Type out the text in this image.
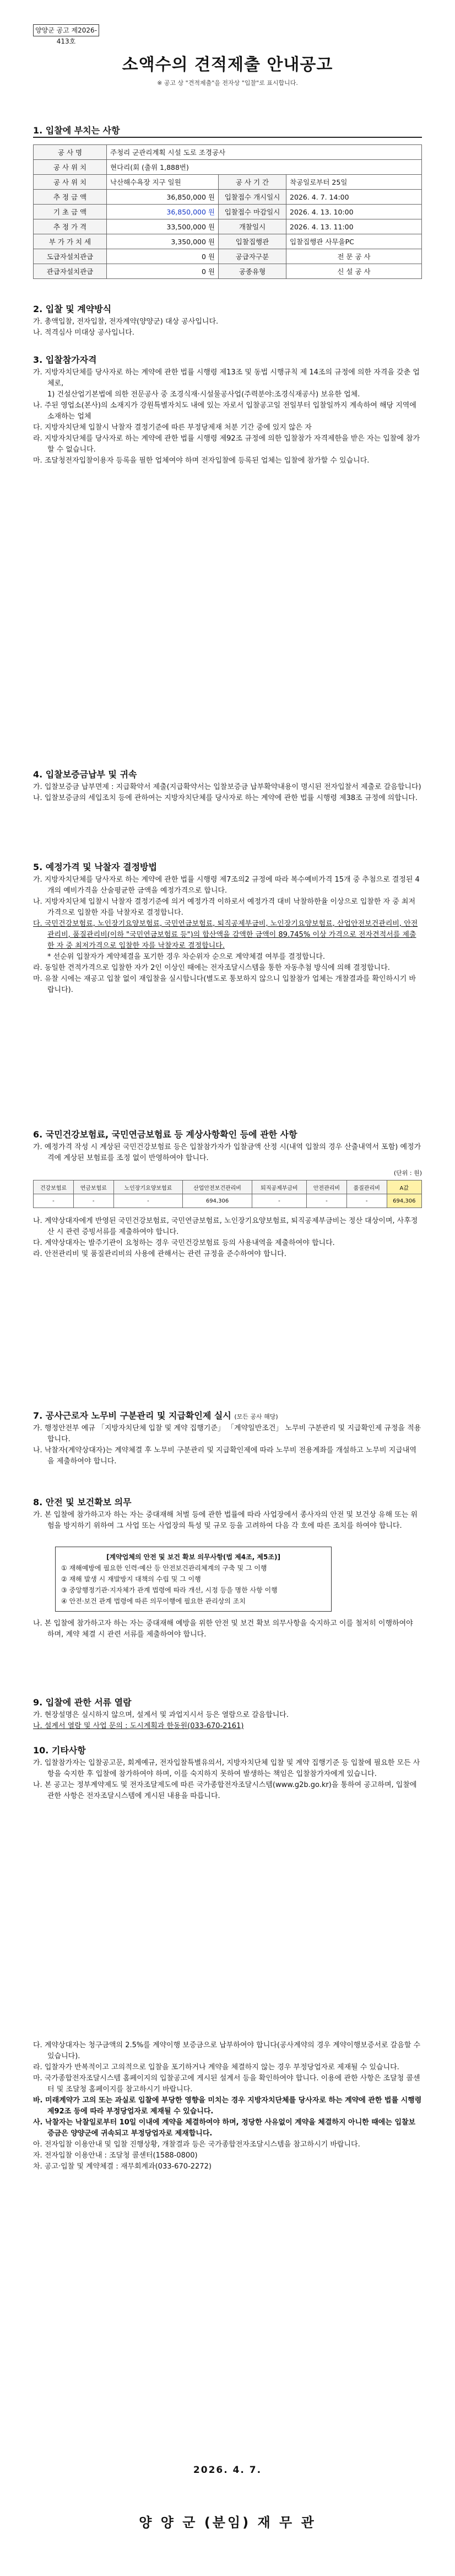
양양군 공고 제2026-413호
소액수의 견적제출 안내공고
※ 공고 상 "견적제출"을 전자상 "입찰"로 표시합니다.
1. 입찰에 부치는 사항
공 사 명	주청리 군관리계획 시설 도로 조경공사		
공 사 위 치	현다리(회 (출위 1,888번)		
공 사 위 치	낙산해수욕장 지구 일원	공 사 기 간	착공일로부터 25일
추 정 금 액	36,850,000 원	입찰접수 개시일시	2026. 4. 7. 14:00
기 초 금 액	36,850,000 원	입찰접수 마감일시	2026. 4. 13. 10:00
추 정 가 격	33,500,000 원	개찰일시	2026. 4. 13. 11:00
부 가 가 치 세	3,350,000 원	입찰집행관	입찰집행관 사무을PC
도급자설치관급	0 원	공급자구분	전 문 공 사
관급자설치관급	0 원	공종유형	신 설 공 사
2. 입찰 및 계약방식

가. 총액입찰, 전자입찰, 전자계약(양양군) 대상 공사입니다.

나. 적격심사 미대상 공사입니다.

3. 입찰참가자격

가. 지방자치단체를 당사자로 하는 계약에 관한 법률 시행령 제13조 및 동법 시행규칙 제 14조의 규정에 의한 자격을 갖춘 업체로,

1) 건설산업기본법에 의한 전문공사 중 조경식재·시설물공사업(주력분야:조경식재공사) 보유한 업체.

나. 주된 영업소(본사)의 소재지가 강원특별자치도 내에 있는 자로서 입찰공고일 전일부터 입찰일까지 계속하여 해당 지역에 소재하는 업체

다. 지방자치단체 입찰시 낙찰자 결정기준에 따른 부정당제재 처분 기간 중에 있지 않은 자

라. 지방자치단체를 당사자로 하는 계약에 관한 법률 시행령 제92조 규정에 의한 입찰참가 자격제한을 받은 자는 입찰에 참가할 수 없습니다.

마. 조달청전자입찰이용자 등록을 필한 업체여야 하며 전자입찰에 등록된 업체는 입찰에 참가할 수 있습니다.

4. 입찰보증금납부 및 귀속

가. 입찰보증금 납부면제 : 지급확약서 제출(지급확약서는 입찰보증금 납부확약내용이 명시된 전자입찰서 제출로 갈음합니다)

나. 입찰보증금의 세입조치 등에 관하여는 지방자치단체를 당사자로 하는 계약에 관한 법률 시행령 제38조 규정에 의합니다.

5. 예정가격 및 낙찰자 결정방법

가. 지방자치단체를 당사자로 하는 계약에 관한 법률 시행령 제7조의2 규정에 따라 복수예비가격 15개 중 추첨으로 결정된 4개의 예비가격을 산술평균한 금액을 예정가격으로 합니다.

나. 지방자치단체 입찰시 낙찰자 결정기준에 의거 예정가격 이하로서 예정가격 대비 낙찰하한율 이상으로 입찰한 자 중 최저가격으로 입찰한 자를 낙찰자로 결정합니다.

다. 국민건강보험료, 노인장기요양보험료, 국민연금보험료, 퇴직공제부금비, 노인장기요양보험료, 산업안전보건관리비, 안전관리비, 품질관리비(이하 "국민연금보험료 등")의 합산액을 감액한 금액이 89.745% 이상 가격으로 전자견적서를 제출한 자 중 최저가격으로 입찰한 자를 낙찰자로 결정합니다.

* 선순위 입찰자가 계약체결을 포기한 경우 차순위자 순으로 계약체결 여부를 결정합니다.

라. 동일한 견적가격으로 입찰한 자가 2인 이상인 때에는 전자조달시스템을 통한 자동추첨 방식에 의해 결정합니다.

마. 유찰 시에는 재공고 입찰 없이 재입찰을 실시합니다(별도로 통보하지 않으니 입찰참가 업체는 개찰결과를 확인하시기 바랍니다).

6. 국민건강보험료, 국민연금보험료 등 계상사항확인 등에 관한 사항

가. 예정가격 작성 시 계상된 국민건강보험료 등은 입찰참가자가 입찰금액 산정 시(내역 입찰의 경우 산출내역서 포함) 예정가격에 계상된 보험료를 조정 없이 반영하여야 합니다.

(단위 : 원)
건강보험료	연금보험료	노인장기요양보험료	산업안전보건관리비	퇴직공제부금비	안전관리비	품질관리비	A값
-	-	-	694,306	-	-	-	694,306

나. 계약상대자에게 반영된 국민건강보험료, 국민연금보험료, 노인장기요양보험료, 퇴직공제부금비는 정산 대상이며, 사후정산 시 관련 증빙서류를 제출하여야 합니다.

다. 계약상대자는 발주기관이 요청하는 경우 국민건강보험료 등의 사용내역을 제출하여야 합니다.

라. 안전관리비 및 품질관리비의 사용에 관해서는 관련 규정을 준수하여야 합니다.

7. 공사근로자 노무비 구분관리 및 지급확인제 실시 (모든 공사 해당)

가. 행정안전부 예규 「지방자치단체 입찰 및 계약 집행기준」 「계약일반조건」 노무비 구분관리 및 지급확인제 규정을 적용합니다.

나. 낙찰자(계약상대자)는 계약체결 후 노무비 구분관리 및 지급확인제에 따라 노무비 전용계좌를 개설하고 노무비 지급내역을 제출하여야 합니다.

8. 안전 및 보건확보 의무

가. 본 입찰에 참가하고자 하는 자는 중대재해 처벌 등에 관한 법률에 따라 사업장에서 종사자의 안전 및 보건상 유해 또는 위험을 방지하기 위하여 그 사업 또는 사업장의 특성 및 규모 등을 고려하여 다음 각 호에 따른 조치를 하여야 합니다.

[계약업체의 안전 및 보건 확보 의무사항(법 제4조, 제5조)]

① 재해예방에 필요한 인력·예산 등 안전보건관리체계의 구축 및 그 이행

② 재해 발생 시 재발방지 대책의 수립 및 그 이행

③ 중앙행정기관·지자체가 관계 법령에 따라 개선, 시정 등을 명한 사항 이행

④ 안전·보건 관계 법령에 따른 의무이행에 필요한 관리상의 조치

나. 본 입찰에 참가하고자 하는 자는 중대재해 예방을 위한 안전 및 보건 확보 의무사항을 숙지하고 이를 철저히 이행하여야 하며, 계약 체결 시 관련 서류를 제출하여야 합니다.

9. 입찰에 관한 서류 열람

가. 현장설명은 실시하지 않으며, 설계서 및 과업지시서 등은 열람으로 갈음합니다.

나. 설계서 열람 및 사업 문의 : 도시계획과 한동원(033-670-2161)

10. 기타사항

가. 입찰참가자는 입찰공고문, 회계예규, 전자입찰특별유의서, 지방자치단체 입찰 및 계약 집행기준 등 입찰에 필요한 모든 사항을 숙지한 후 입찰에 참가하여야 하며, 이를 숙지하지 못하여 발생하는 책임은 입찰참가자에게 있습니다.

나. 본 공고는 정부계약제도 및 전자조달제도에 따른 국가종합전자조달시스템(www.g2b.go.kr)을 통하여 공고하며, 입찰에 관한 사항은 전자조달시스템에 게시된 내용을 따릅니다.

다. 계약상대자는 청구금액의 2.5%를 계약이행 보증금으로 납부하여야 합니다(공사계약의 경우 계약이행보증서로 갈음할 수 있습니다).

라. 입찰자가 반복적이고 고의적으로 입찰을 포기하거나 계약을 체결하지 않는 경우 부정당업자로 제재될 수 있습니다.

마. 국가종합전자조달시스템 홈페이지의 입찰공고에 게시된 설계서 등을 확인하여야 합니다. 이용에 관한 사항은 조달청 콜센터 및 조달청 홈페이지를 참고하시기 바랍니다.

바. 미래계약가 고의 또는 과실로 입찰에 부당한 영향을 미치는 경우 지방자치단체를 당사자로 하는 계약에 관한 법률 시행령 제92조 등에 따라 부정당업자로 제재될 수 있습니다.

사. 낙찰자는 낙찰일로부터 10일 이내에 계약을 체결하여야 하며, 정당한 사유없이 계약을 체결하지 아니한 때에는 입찰보증금은 양양군에 귀속되고 부정당업자로 제재합니다.

아. 전자입찰 이용안내 및 입찰 진행상황, 개찰결과 등은 국가종합전자조달시스템을 참고하시기 바랍니다.

자. 전자입찰 이용안내 : 조달청 콜센터(1588-0800)

차. 공고·입찰 및 계약체결 : 재무회계과(033-670-2272)

2026. 4. 7.
양 양 군 (분임) 재 무 관
